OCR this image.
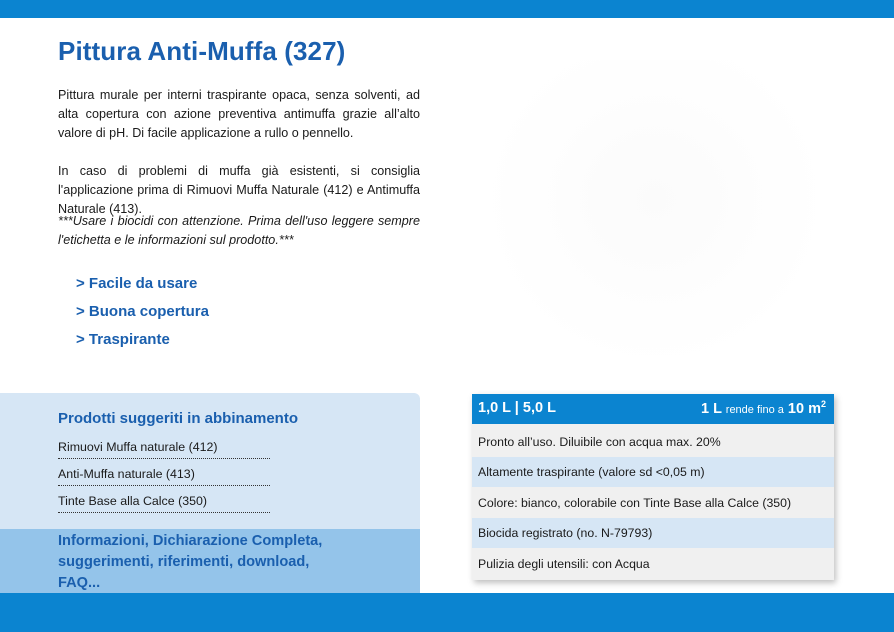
Pittura Anti-Muffa (327)

Pittura murale per interni traspirante opaca, senza solventi, ad alta copertura con azione preventiva antimuffa grazie all’alto valore di pH. Di facile applicazione a rullo o pennello.

In caso di problemi di muffa già esistenti, si consiglia l'applicazione prima di Rimuovi Muffa Naturale (412) e Antimuffa Naturale (413).

***Usare i biocidi con attenzione. Prima dell'uso leggere sempre l'etichetta e le informazioni sul prodotto.***

> Facile da usare
> Buona copertura
> Traspirante
Prodotti suggeriti in abbinamento
Rimuovi Muffa naturale (412)
Anti-Muffa naturale (413)
Tinte Base alla Calce (350)

Informazioni, Dichiarazione Completa, suggerimenti, riferimenti, download, FAQ...

1,0 L | 5,0 L	1 L rende fino a 10 $m^2$
Pronto all’uso. Diluibile con acqua max. 20%
Altamente traspirante (valore sd <0,05 m)
Colore: bianco, colorabile con Tinte Base alla Calce (350)
Biocida registrato (no. N-79793)
Pulizia degli utensili: con Acqua
